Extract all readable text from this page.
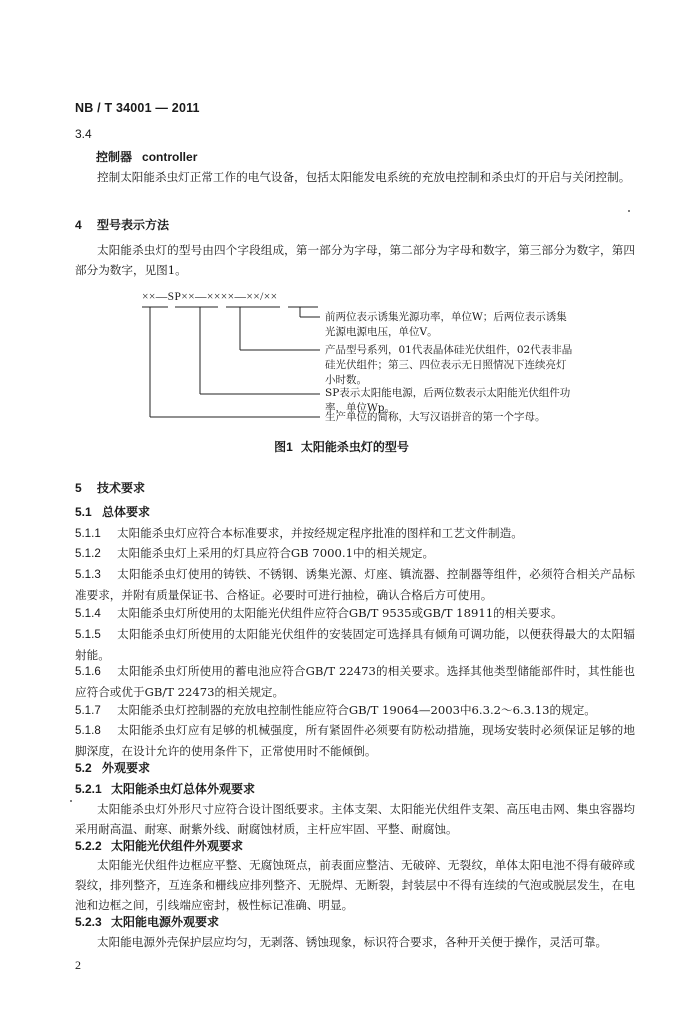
NB / T 34001 — 2011
3.4
控制器 controller

控制太阳能杀虫灯正常工作的电气设备，包括太阳能发电系统的充放电控制和杀虫灯的开启与关闭控制。

4 型号表示方法

太阳能杀虫灯的型号由四个字段组成，第一部分为字母，第二部分为字母和数字，第三部分为数字，第四部分为数字，见图1。

××—SP××—××××—××/××
前两位表示诱集光源功率，单位W；后两位表示诱集光源电源电压，单位V。
产品型号系列，01代表晶体硅光伏组件，02代表非晶硅光伏组件；第三、四位表示无日照情况下连续亮灯小时数。
SP表示太阳能电源，后两位数表示太阳能光伏组件功率，单位Wp。
生产单位的简称，大写汉语拼音的第一个字母。
图1 太阳能杀虫灯的型号
5 技术要求
5.1 总体要求

5.1.1 太阳能杀虫灯应符合本标准要求，并按经规定程序批准的图样和工艺文件制造。

5.1.2 太阳能杀虫灯上采用的灯具应符合GB 7000.1中的相关规定。

5.1.3 太阳能杀虫灯使用的铸铁、不锈钢、诱集光源、灯座、镇流器、控制器等组件，必须符合相关产品标准要求，并附有质量保证书、合格证。必要时可进行抽检，确认合格后方可使用。

5.1.4 太阳能杀虫灯所使用的太阳能光伏组件应符合GB/T 9535或GB/T 18911的相关要求。

5.1.5 太阳能杀虫灯所使用的太阳能光伏组件的安装固定可选择具有倾角可调功能，以便获得最大的太阳辐射能。

5.1.6 太阳能杀虫灯所使用的蓄电池应符合GB/T 22473的相关要求。选择其他类型储能部件时，其性能也应符合或优于GB/T 22473的相关规定。

5.1.7 太阳能杀虫灯控制器的充放电控制性能应符合GB/T 19064—2003中6.3.2～6.3.13的规定。

5.1.8 太阳能杀虫灯应有足够的机械强度，所有紧固件必须要有防松动措施，现场安装时必须保证足够的地脚深度，在设计允许的使用条件下，正常使用时不能倾倒。

5.2 外观要求
5.2.1 太阳能杀虫灯总体外观要求

太阳能杀虫灯外形尺寸应符合设计图纸要求。主体支架、太阳能光伏组件支架、高压电击网、集虫容器均采用耐高温、耐寒、耐紫外线、耐腐蚀材质，主杆应牢固、平整、耐腐蚀。

5.2.2 太阳能光伏组件外观要求

太阳能光伏组件边框应平整、无腐蚀斑点，前表面应整洁、无破碎、无裂纹，单体太阳电池不得有破碎或裂纹，排列整齐，互连条和栅线应排列整齐、无脱焊、无断裂，封装层中不得有连续的气泡或脱层发生，在电池和边框之间，引线端应密封，极性标记准确、明显。

5.2.3 太阳能电源外观要求

太阳能电源外壳保护层应均匀，无剥落、锈蚀现象，标识符合要求，各种开关便于操作，灵活可靠。

2
